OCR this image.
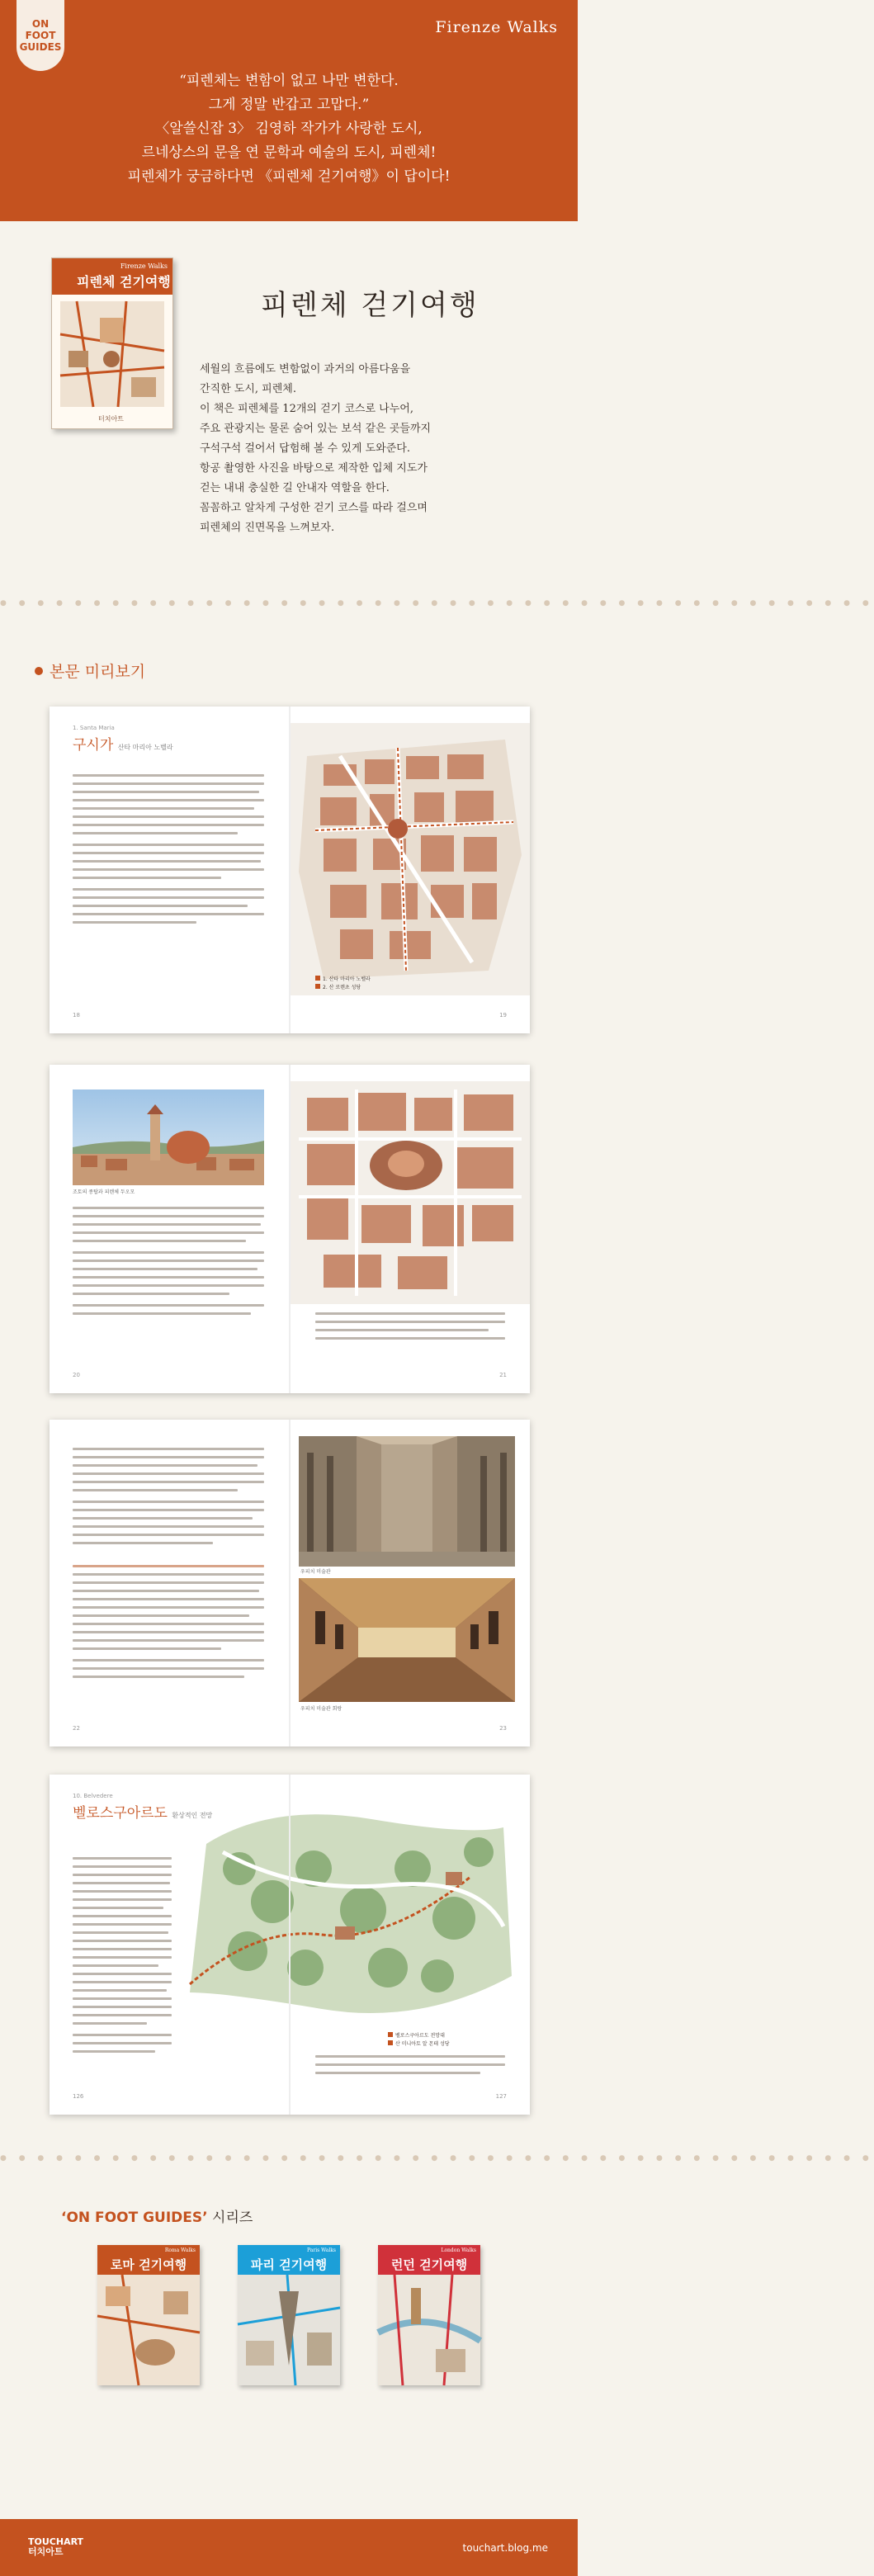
ON
FOOT
GUIDES
Firenze Walks
“피렌체는 변함이 없고 나만 변한다.
그게 정말 반갑고 고맙다.”
〈알쓸신잡 3〉 김영하 작가가 사랑한 도시,
르네상스의 문을 연 문학과 예술의 도시, 피렌체!
피렌체가 궁금하다면 《피렌체 걷기여행》이 답이다!
Firenze Walks
피렌체 걷기여행
터치아트
피렌체 걷기여행
세월의 흐름에도 변함없이 과거의 아름다움을
간직한 도시, 피렌체.
이 책은 피렌체를 12개의 걷기 코스로 나누어,
주요 관광지는 물론 숨어 있는 보석 같은 곳들까지
구석구석 걸어서 답험해 볼 수 있게 도와준다.
항공 촬영한 사진을 바탕으로 제작한 입체 지도가
걷는 내내 충실한 길 안내자 역할을 한다.
꼼꼼하고 알차게 구성한 걷기 코스를 따라 걸으며
피렌체의 진면목을 느껴보자.
● ● ● ● ● ● ● ● ● ● ● ● ● ● ● ● ● ● ● ● ● ● ● ● ● ● ● ● ● ● ● ● ● ● ● ● ● ● ● ● ● ● ● ● ● ● ●
본문 미리보기
1. Santa Maria
구시가 산타 마리아 노벨라
18
1. 산타 마리아 노벨라
2. 산 로렌초 성당
19
조토의 종탑과 피렌체 두오모
20	21
22
우피치 미술관
우피치 미술관 회랑
23
10. Belvedere
벨로스구아르도 환상적인 전망
126
벨로스구아르도 전망대
산 미니아토 알 몬테 성당
127
● ● ● ● ● ● ● ● ● ● ● ● ● ● ● ● ● ● ● ● ● ● ● ● ● ● ● ● ● ● ● ● ● ● ● ● ● ● ● ● ● ● ● ● ● ● ●
‘ON FOOT GUIDES’ 시리즈
Roma Walks
로마 걷기여행
Paris Walks
파리 걷기여행
London Walks
런던 걷기여행
TOUCHART
터치아트	touchart.blog.me
